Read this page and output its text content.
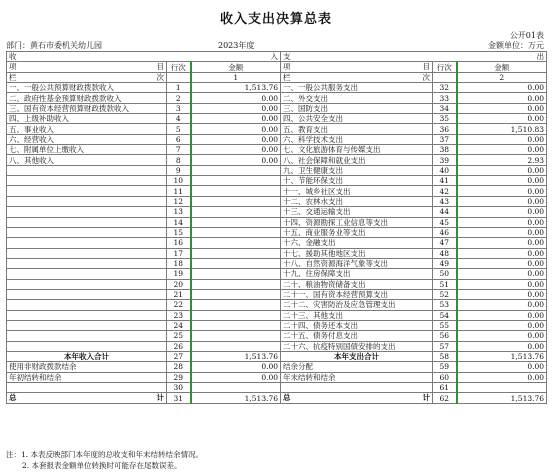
收入支出决算总表
公开01表
部门：黄石市委机关幼儿园	2023年度	金额单位：万元
收 入			支 出		

项 目	行次	金额	项 目	行次	金额

栏 次		1	栏 次		2
一、一般公共预算财政拨款收入	1	1,513.76	一、一般公共服务支出	32	0.00
二、政府性基金预算财政拨款收入	2	0.00	二、外交支出	33	0.00
三、国有资本经营预算财政拨款收入	3	0.00	三、国防支出	34	0.00
四、上级补助收入	4	0.00	四、公共安全支出	35	0.00
五、事业收入	5	0.00	五、教育支出	36	1,510.83
六、经营收入	6	0.00	六、科学技术支出	37	0.00
七、附属单位上缴收入	7	0.00	七、文化旅游体育与传媒支出	38	0.00
八、其他收入	8	0.00	八、社会保障和就业支出	39	2.93
	9		九、卫生健康支出	40	0.00
	10		十、节能环保支出	41	0.00
	11		十一、城乡社区支出	42	0.00
	12		十二、农林水支出	43	0.00
	13		十三、交通运输支出	44	0.00
	14		十四、资源勘探工业信息等支出	45	0.00
	15		十五、商业服务业等支出	46	0.00
	16		十六、金融支出	47	0.00
	17		十七、援助其他地区支出	48	0.00
	18		十八、自然资源海洋气象等支出	49	0.00
	19		十九、住房保障支出	50	0.00
	20		二十、粮油物资储备支出	51	0.00
	21		二十一、国有资本经营预算支出	52	0.00
	22		二十二、灾害防治及应急管理支出	53	0.00
	23		二十三、其他支出	54	0.00
	24		二十四、债务还本支出	55	0.00
	25		二十五、债务付息支出	56	0.00
	26		二十六、抗疫特别国债安排的支出	57	0.00
本年收入合计	27	1,513.76	本年支出合计	58	1,513.76
使用非财政拨款结余	28	0.00	结余分配	59	0.00
年初结转和结余	29	0.00	年末结转和结余	60	0.00
	30			61	

总 计	31	1,513.76	总 计	62	1,513.76
注：1. 本表反映部门本年度的总收支和年末结转结余情况。
2. 本套报表金额单位转换时可能存在尾数误差。
